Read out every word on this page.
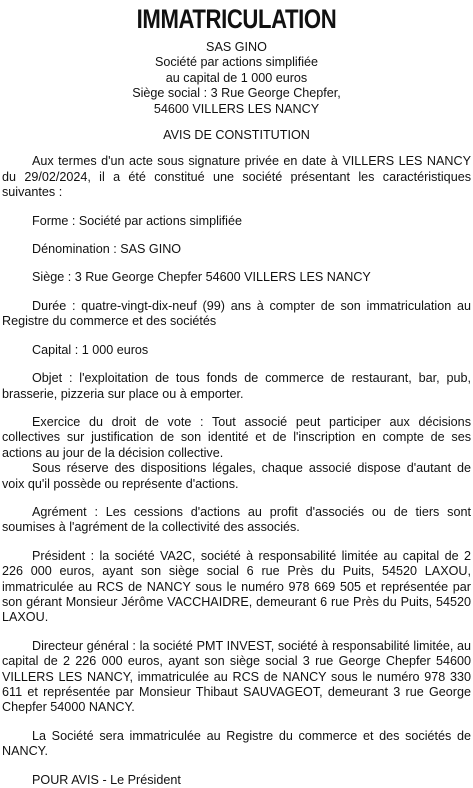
IMMATRICULATION
SAS GINO
Société par actions simplifiée
au capital de 1 000 euros
Siège social : 3 Rue George Chepfer,
54600 VILLERS LES NANCY
AVIS DE CONSTITUTION

Aux termes d'un acte sous signature privée en date à VILLERS LES NANCY du 29/02/2024, il a été constitué une société présentant les caractéristiques suivantes :

Forme : Société par actions simplifiée

Dénomination : SAS GINO

Siège : 3 Rue George Chepfer 54600 VILLERS LES NANCY

Durée : quatre-vingt-dix-neuf (99) ans à compter de son immatriculation au Registre du commerce et des sociétés

Capital : 1 000 euros

Objet : l'exploitation de tous fonds de commerce de restaurant, bar, pub, brasserie, pizzeria sur place ou à emporter.

Exercice du droit de vote : Tout associé peut participer aux décisions collectives sur justification de son identité et de l'inscription en compte de ses actions au jour de la décision collective.

Sous réserve des dispositions légales, chaque associé dispose d'autant de voix qu'il possède ou représente d'actions.

Agrément : Les cessions d'actions au profit d'associés ou de tiers sont soumises à l'agrément de la collectivité des associés.

Président : la société VA2C, société à responsabilité limitée au capital de 2 226 000 euros, ayant son siège social 6 rue Près du Puits, 54520 LAXOU, immatriculée au RCS de NANCY sous le numéro 978 669 505 et représentée par son gérant Monsieur Jérôme VACCHAIDRE, demeurant 6 rue Près du Puits, 54520 LAXOU.

Directeur général : la société PMT INVEST, société à responsabilité limitée, au capital de 2 226 000 euros, ayant son siège social 3 rue George Chepfer 54600 VILLERS LES NANCY, immatriculée au RCS de NANCY sous le numéro 978 330 611 et représentée par Monsieur Thibaut SAUVAGEOT, demeurant 3 rue George Chepfer 54000 NANCY.

La Société sera immatriculée au Registre du commerce et des sociétés de NANCY.

POUR AVIS - Le Président
